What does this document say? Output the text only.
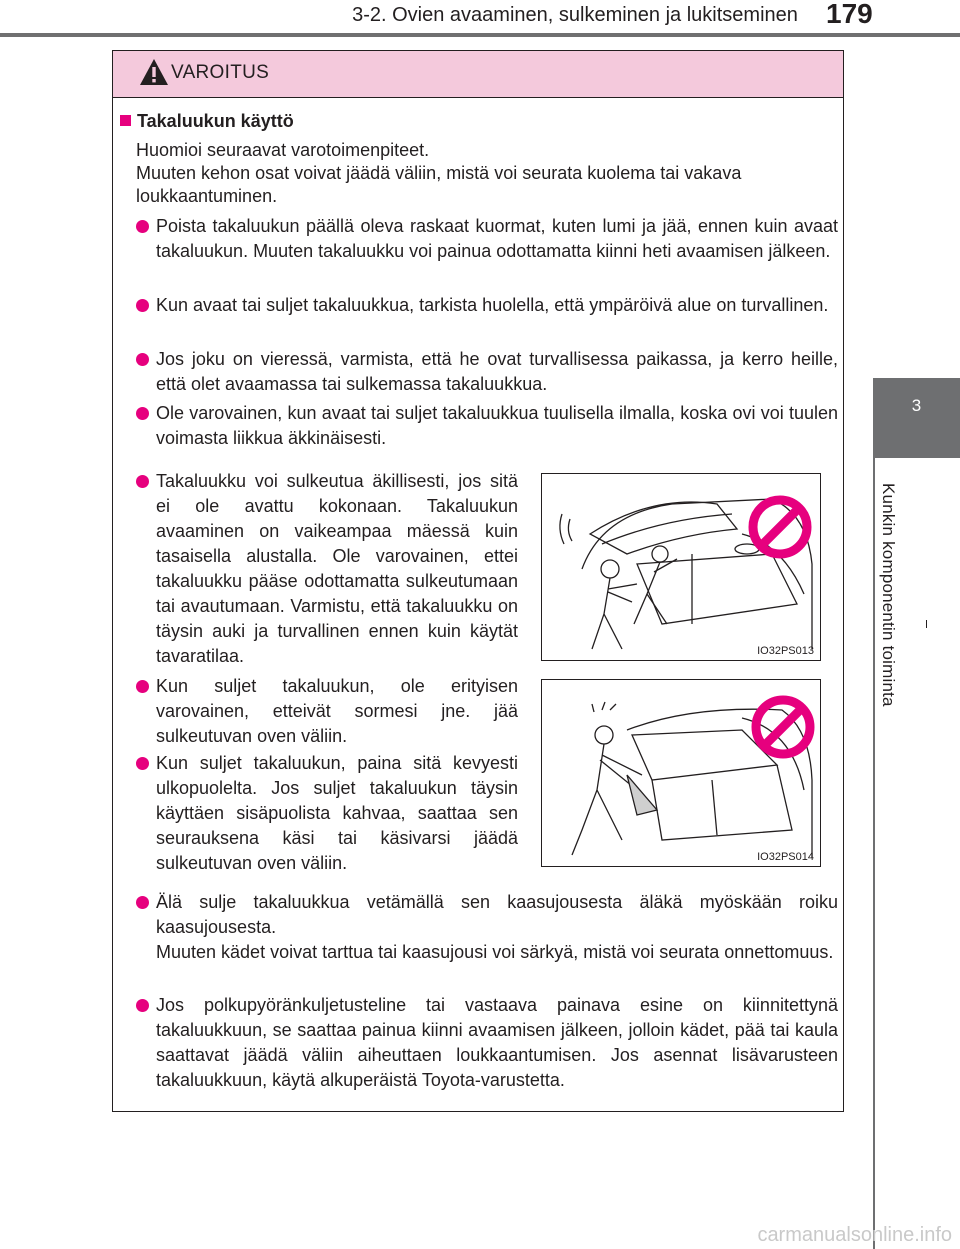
3-2. Ovien avaaminen, sulkeminen ja lukitseminen	179
3
Kunkin komponentin toiminta
VAROITUS
Takaluukun käyttö
Huomioi seuraavat varotoimenpiteet.
Muuten kehon osat voivat jäädä väliin, mistä voi seurata kuolema tai vakava
loukkaantuminen.
Poista takaluukun päällä oleva raskaat kuormat, kuten lumi ja jää, ennen kuin avaat takaluukun. Muuten takaluukku voi painua odottamatta kiinni heti avaamisen jälkeen.
Kun avaat tai suljet takaluukkua, tarkista huolella, että ympäröivä alue on turvallinen.
Jos joku on vieressä, varmista, että he ovat turvallisessa paikassa, ja kerro heille, että olet avaamassa tai sulkemassa takaluukkua.
Ole varovainen, kun avaat tai suljet takaluukkua tuulisella ilmalla, koska ovi voi tuulen voimasta liikkua äkkinäisesti.
Takaluukku voi sulkeutua äkillisesti, jos sitä ei ole avattu kokonaan. Takaluukun avaaminen on vaikeampaa mäessä kuin tasaisella alustalla. Ole varovainen, ettei takaluukku pääse odottamatta sulkeutumaan tai avautumaan. Varmistu, että takaluukku on täysin auki ja turvallinen ennen kuin käytät tavaratilaa.
Kun suljet takaluukun, ole erityisen varovainen, etteivät sormesi jne. jää sulkeutuvan oven väliin.
Kun suljet takaluukun, paina sitä kevyesti ulkopuolelta. Jos suljet takaluukun täysin käyttäen sisäpuolista kahvaa, saattaa sen seurauksena käsi tai käsivarsi jäädä sulkeutuvan oven väliin.
Älä sulje takaluukkua vetämällä sen kaasujousesta äläkä myöskään roiku kaasujousesta.
Muuten kädet voivat tarttua tai kaasujousi voi särkyä, mistä voi seurata onnettomuus.
Jos polkupyöränkuljetusteline tai vastaava painava esine on kiinnitettynä takaluukkuun, se saattaa painua kiinni avaamisen jälkeen, jolloin kädet, pää tai kaula saattavat jäädä väliin aiheuttaen loukkaantumisen. Jos asennat lisävarusteen takaluukkuun, käytä alkuperäistä Toyota-varustetta.
IO32PS013
IO32PS014
carmanualsonline.info
